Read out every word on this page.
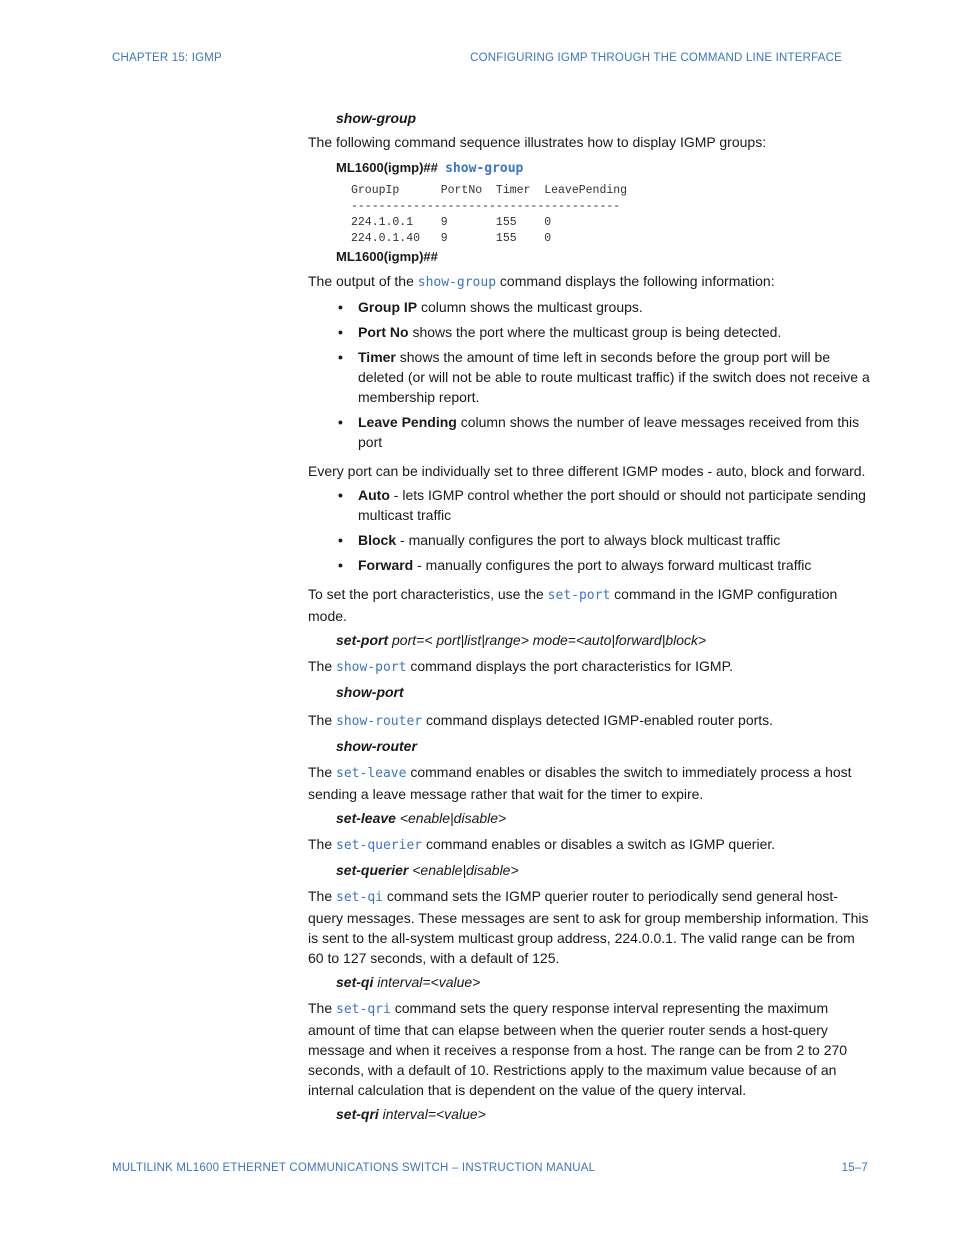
CHAPTER 15: IGMP	CONFIGURING IGMP THROUGH THE COMMAND LINE INTERFACE
show-group

The following command sequence illustrates how to display IGMP groups:

ML1600(igmp)## show-group
GroupIp      PortNo  Timer  LeavePending
---------------------------------------
224.1.0.1    9       155    0
224.0.1.40   9       155    0
ML1600(igmp)##

The output of the show-group command displays the following information:

• Group IP column shows the multicast groups.
• Port No shows the port where the multicast group is being detected.
• Timer shows the amount of time left in seconds before the group port will be deleted (or will not be able to route multicast traffic) if the switch does not receive a membership report.
• Leave Pending column shows the number of leave messages received from this port

Every port can be individually set to three different IGMP modes - auto, block and forward.

• Auto - lets IGMP control whether the port should or should not participate sending multicast traffic
• Block - manually configures the port to always block multicast traffic
• Forward - manually configures the port to always forward multicast traffic

To set the port characteristics, use the set-port command in the IGMP configuration mode.

set-port port=< port|list|range> mode=<auto|forward|block>

The show-port command displays the port characteristics for IGMP.

show-port

The show-router command displays detected IGMP-enabled router ports.

show-router

The set-leave command enables or disables the switch to immediately process a host sending a leave message rather that wait for the timer to expire.

set-leave <enable|disable>

The set-querier command enables or disables a switch as IGMP querier.

set-querier <enable|disable>

The set-qi command sets the IGMP querier router to periodically send general host-query messages. These messages are sent to ask for group membership information. This is sent to the all-system multicast group address, 224.0.0.1. The valid range can be from 60 to 127 seconds, with a default of 125.

set-qi interval=<value>

The set-qri command sets the query response interval representing the maximum amount of time that can elapse between when the querier router sends a host-query message and when it receives a response from a host. The range can be from 2 to 270 seconds, with a default of 10. Restrictions apply to the maximum value because of an internal calculation that is dependent on the value of the query interval.

set-qri interval=<value>
MULTILINK ML1600 ETHERNET COMMUNICATIONS SWITCH – INSTRUCTION MANUAL	15–7
